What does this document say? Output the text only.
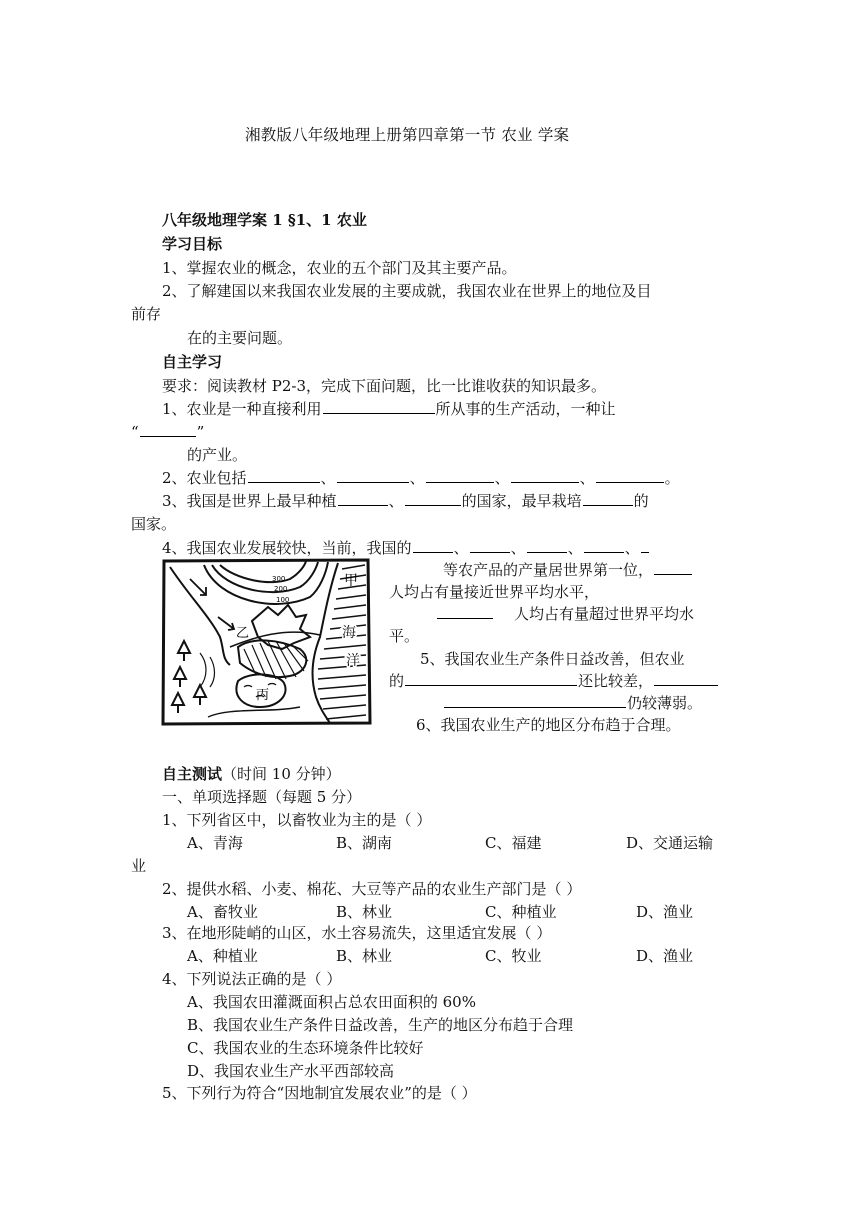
湘教版八年级地理上册第四章第一节 农业 学案
八年级地理学案 1 §1、1 农业
学习目标
1、掌握农业的概念，农业的五个部门及其主要产品。
2、了解建国以来我国农业发展的主要成就，我国农业在世界上的地位及目
前存
在的主要问题。
自主学习
要求：阅读教材 P2-3，完成下面问题，比一比谁收获的知识最多。
1、农业是一种直接利用	所从事的生产活动，一种让
“	”
的产业。
2、农业包括	、	、	、	、	。
3、我国是世界上最早种植	、	的国家，最早栽培	的
国家。
4、我国农业发展较快，当前，我国的	、	、	、	、
等农产品的产量居世界第一位，
人均占有量接近世界平均水平，
人均占有量超过世界平均水
平。
5、我国农业生产条件日益改善，但农业
的	还比较差，
仍较薄弱。
6、我国农业生产的地区分布趋于合理。
甲
乙
丙
海
洋
300
200
100
自主测试（时间 10 分钟）
一、单项选择题（每题 5 分）
1、下列省区中，以畜牧业为主的是（ ）
A、青海	B、湖南	C、福建	D、交通运输
业
2、提供水稻、小麦、棉花、大豆等产品的农业生产部门是（ ）
A、畜牧业	B、林业	C、种植业	D、渔业
3、在地形陡峭的山区，水土容易流失，这里适宜发展（ ）
A、种植业	B、林业	C、牧业	D、渔业
4、下列说法正确的是（ ）
A、我国农田灌溉面积占总农田面积的 60%
B、我国农业生产条件日益改善，生产的地区分布趋于合理
C、我国农业的生态环境条件比较好
D、我国农业生产水平西部较高
5、下列行为符合“因地制宜发展农业”的是（ ）
